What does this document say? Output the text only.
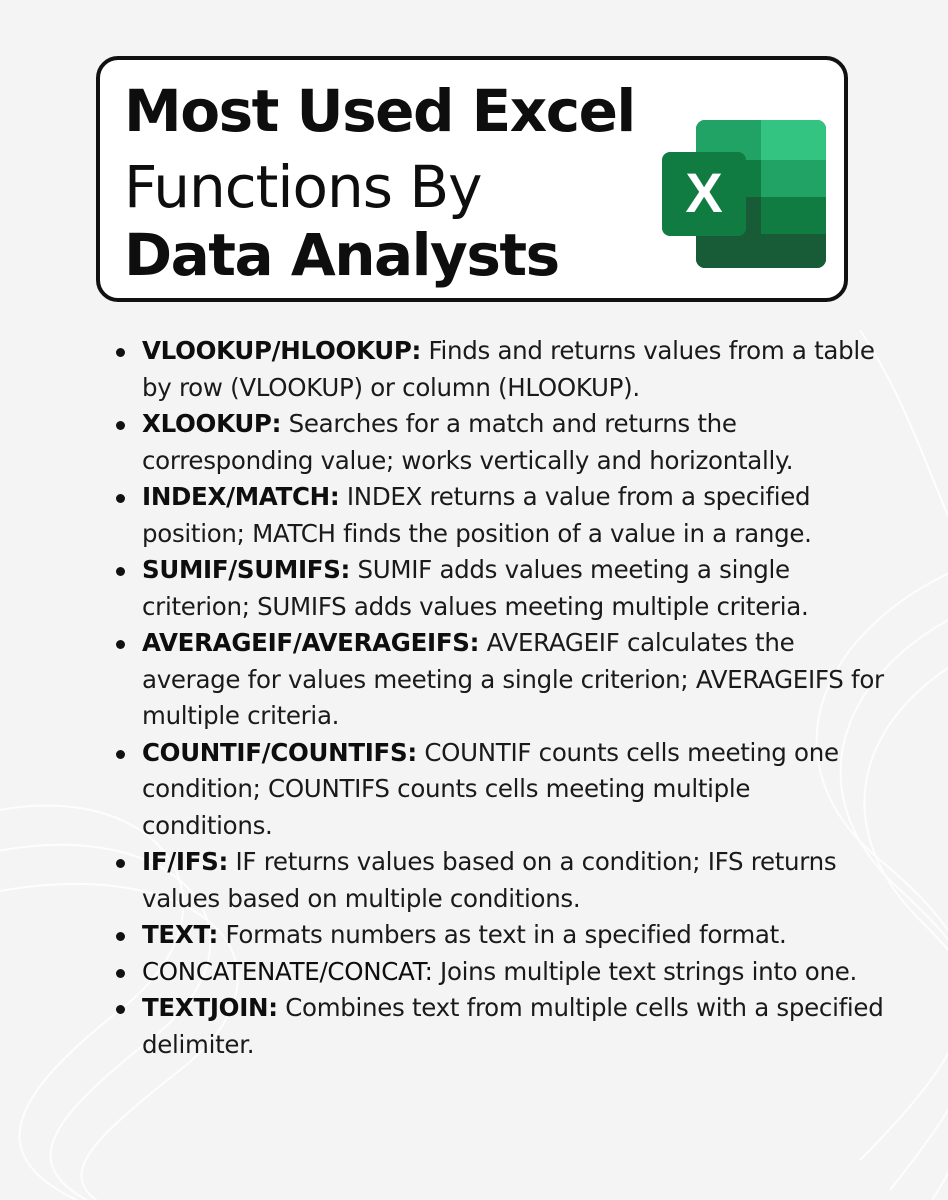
Most Used Excel
Functions By
Data Analysts
X
VLOOKUP/HLOOKUP: Finds and returns values from a table by row (VLOOKUP) or column (HLOOKUP).
XLOOKUP: Searches for a match and returns the corresponding value; works vertically and horizontally.
INDEX/MATCH: INDEX returns a value from a specified position; MATCH finds the position of a value in a range.
SUMIF/SUMIFS: SUMIF adds values meeting a single criterion; SUMIFS adds values meeting multiple criteria.
AVERAGEIF/AVERAGEIFS: AVERAGEIF calculates the average for values meeting a single criterion; AVERAGEIFS for multiple criteria.
COUNTIF/COUNTIFS: COUNTIF counts cells meeting one condition; COUNTIFS counts cells meeting multiple conditions.
IF/IFS: IF returns values based on a condition; IFS returns values based on multiple conditions.
TEXT: Formats numbers as text in a specified format.
CONCATENATE/CONCAT: Joins multiple text strings into one.
TEXTJOIN: Combines text from multiple cells with a specified delimiter.
